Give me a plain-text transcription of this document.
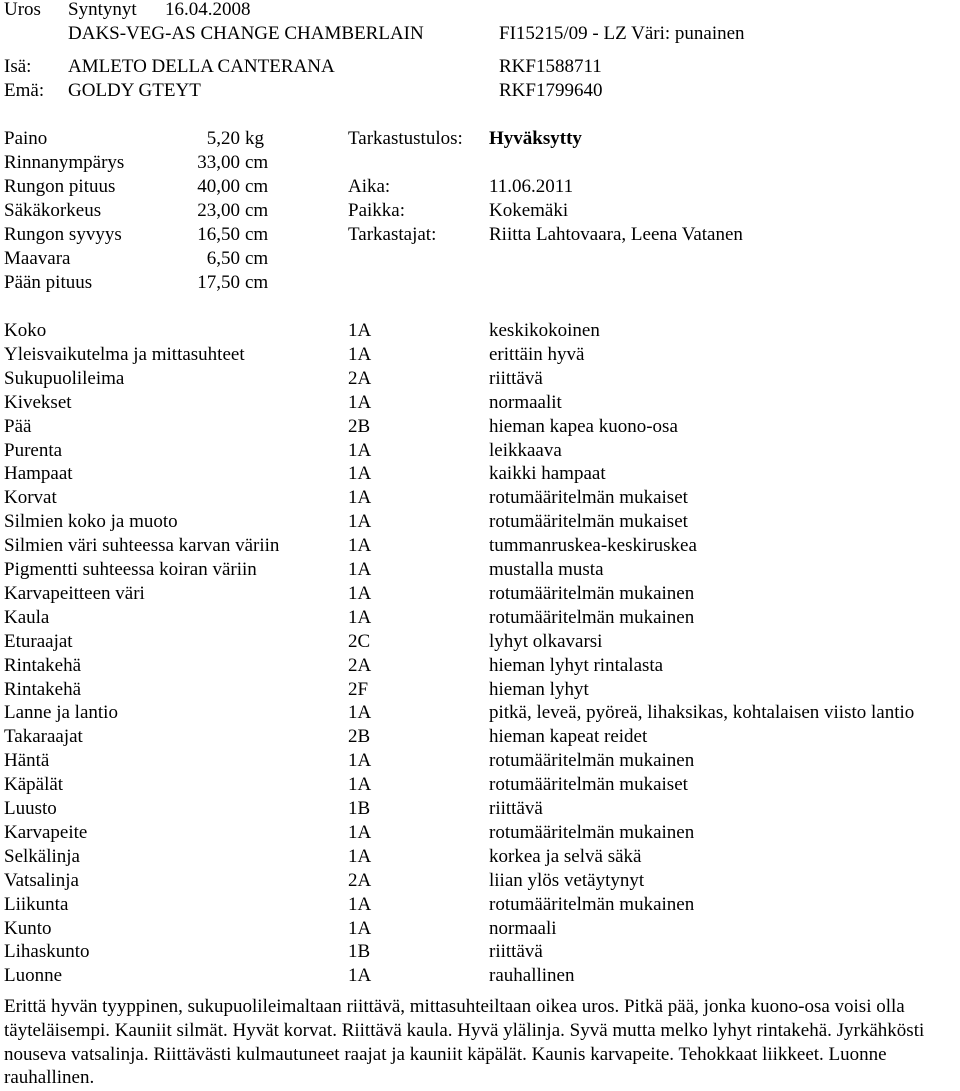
Uros Syntynyt 16.04.2008
DAKS-VEG-AS CHANGE CHAMBERLAIN	FI15215/09 - LZ Väri: punainen
Isä: AMLETO DELLA CANTERANA	RKF1588711
Emä: GOLDY GTEYT	RKF1799640
Paino	5,20 kg
Rinnanympärys	33,00 cm
Rungon pituus	40,00 cm
Säkäkorkeus	23,00 cm
Rungon syvyys	16,50 cm
Maavara	6,50 cm
Pään pituus	17,50 cm
Tarkastustulos: Hyväksytty
Aika:	11.06.2011
Paikka:	Kokemäki
Tarkastajat:	Riitta Lahtovaara, Leena Vatanen
Koko	1A	keskikokoinen
Yleisvaikutelma ja mittasuhteet	1A	erittäin hyvä
Sukupuolileima	2A	riittävä
Kivekset	1A	normaalit
Pää	2B	hieman kapea kuono-osa
Purenta	1A	leikkaava
Hampaat	1A	kaikki hampaat
Korvat	1A	rotumääritelmän mukaiset
Silmien koko ja muoto	1A	rotumääritelmän mukaiset
Silmien väri suhteessa karvan väriin	1A	tummanruskea-keskiruskea
Pigmentti suhteessa koiran väriin	1A	mustalla musta
Karvapeitteen väri	1A	rotumääritelmän mukainen
Kaula	1A	rotumääritelmän mukainen
Eturaajat	2C	lyhyt olkavarsi
Rintakehä	2A	hieman lyhyt rintalasta
Rintakehä	2F	hieman lyhyt
Lanne ja lantio	1A	pitkä, leveä, pyöreä, lihaksikas, kohtalaisen viisto lantio
Takaraajat	2B	hieman kapeat reidet
Häntä	1A	rotumääritelmän mukainen
Käpälät	1A	rotumääritelmän mukaiset
Luusto	1B	riittävä
Karvapeite	1A	rotumääritelmän mukainen
Selkälinja	1A	korkea ja selvä säkä
Vatsalinja	2A	liian ylös vetäytynyt
Liikunta	1A	rotumääritelmän mukainen
Kunto	1A	normaali
Lihaskunto	1B	riittävä
Luonne	1A	rauhallinen
Erittä hyvän tyyppinen, sukupuolileimaltaan riittävä, mittasuhteiltaan oikea uros. Pitkä pää, jonka kuono-osa voisi olla täyteläisempi. Kauniit silmät. Hyvät korvat. Riittävä kaula. Hyvä ylälinja. Syvä mutta melko lyhyt rintakehä. Jyrkähkösti nouseva vatsalinja. Riittävästi kulmautuneet raajat ja kauniit käpälät. Kaunis karvapeite. Tehokkaat liikkeet. Luonne rauhallinen.
